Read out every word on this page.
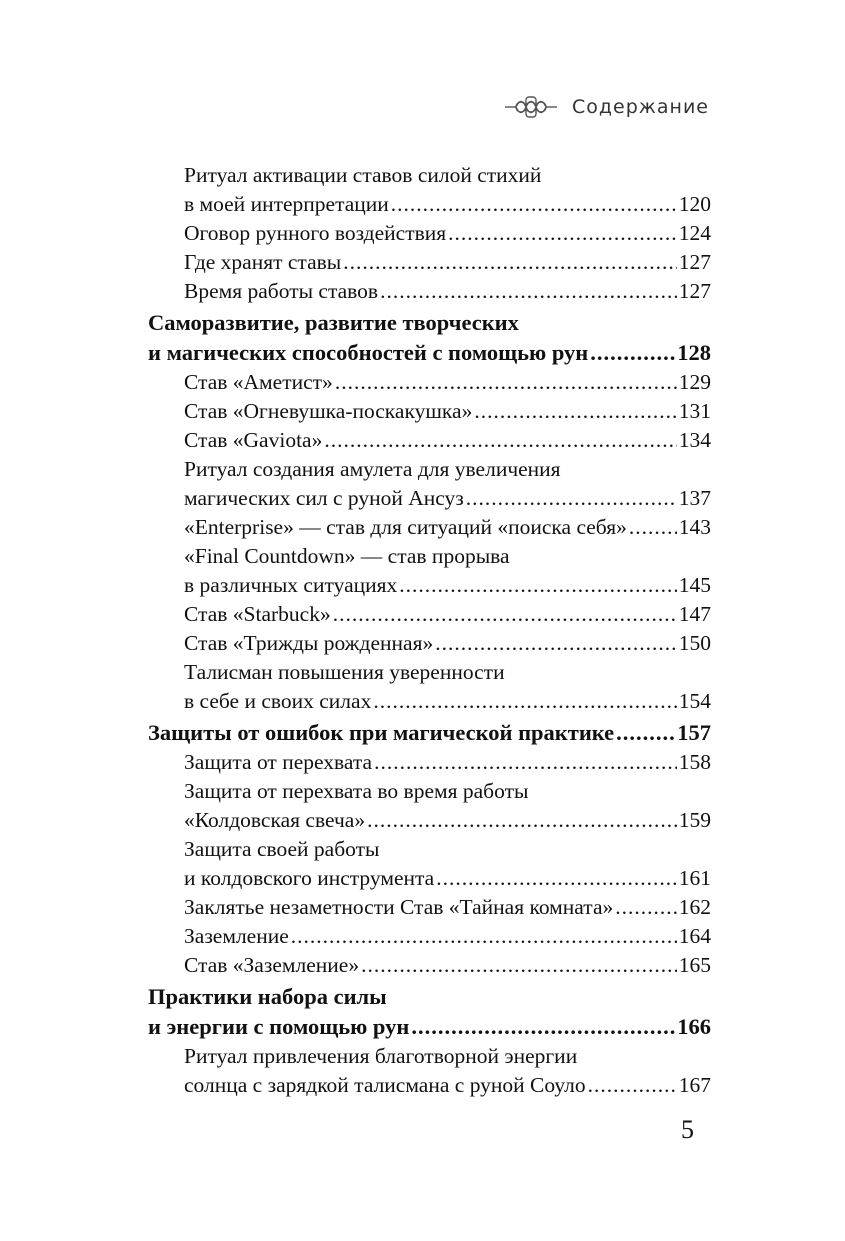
Содержание
Ритуал активации ставов силой стихий
в моей интерпретации .....	120
Оговор рунного воздействия .....	124
Где хранят ставы .....	127
Время работы ставов .....	127
Саморазвитие, развитие творческих
и магических способностей с помощью рун .....	128
Став «Аметист» .....	129
Став «Огневушка-поскакушка» .....	131
Став «Gaviota» .....	134
Ритуал создания амулета для увеличения
магических сил с руной Ансуз .....	137
«Enterprise» — став для ситуаций «поиска себя» ..... 143
«Final Countdown» — став прорыва
в различных ситуациях .....	145
Став «Starbuck» .....	147
Став «Трижды рожденная» .....	150
Талисман повышения уверенности
в себе и своих силах .....	154
Защиты от ошибок при магической практике .....	157
Защита от перехвата .....	158
Защита от перехвата во время работы
«Колдовская свеча» .....	159
Защита своей работы
и колдовского инструмента .....	161
Заклятье незаметности Став «Тайная комната» .....	162
Заземление .....	164
Став «Заземление» .....	165
Практики набора силы
и энергии с помощью рун .....	166
Ритуал привлечения благотворной энергии
солнца с зарядкой талисмана с руной Соуло .....	167
5
